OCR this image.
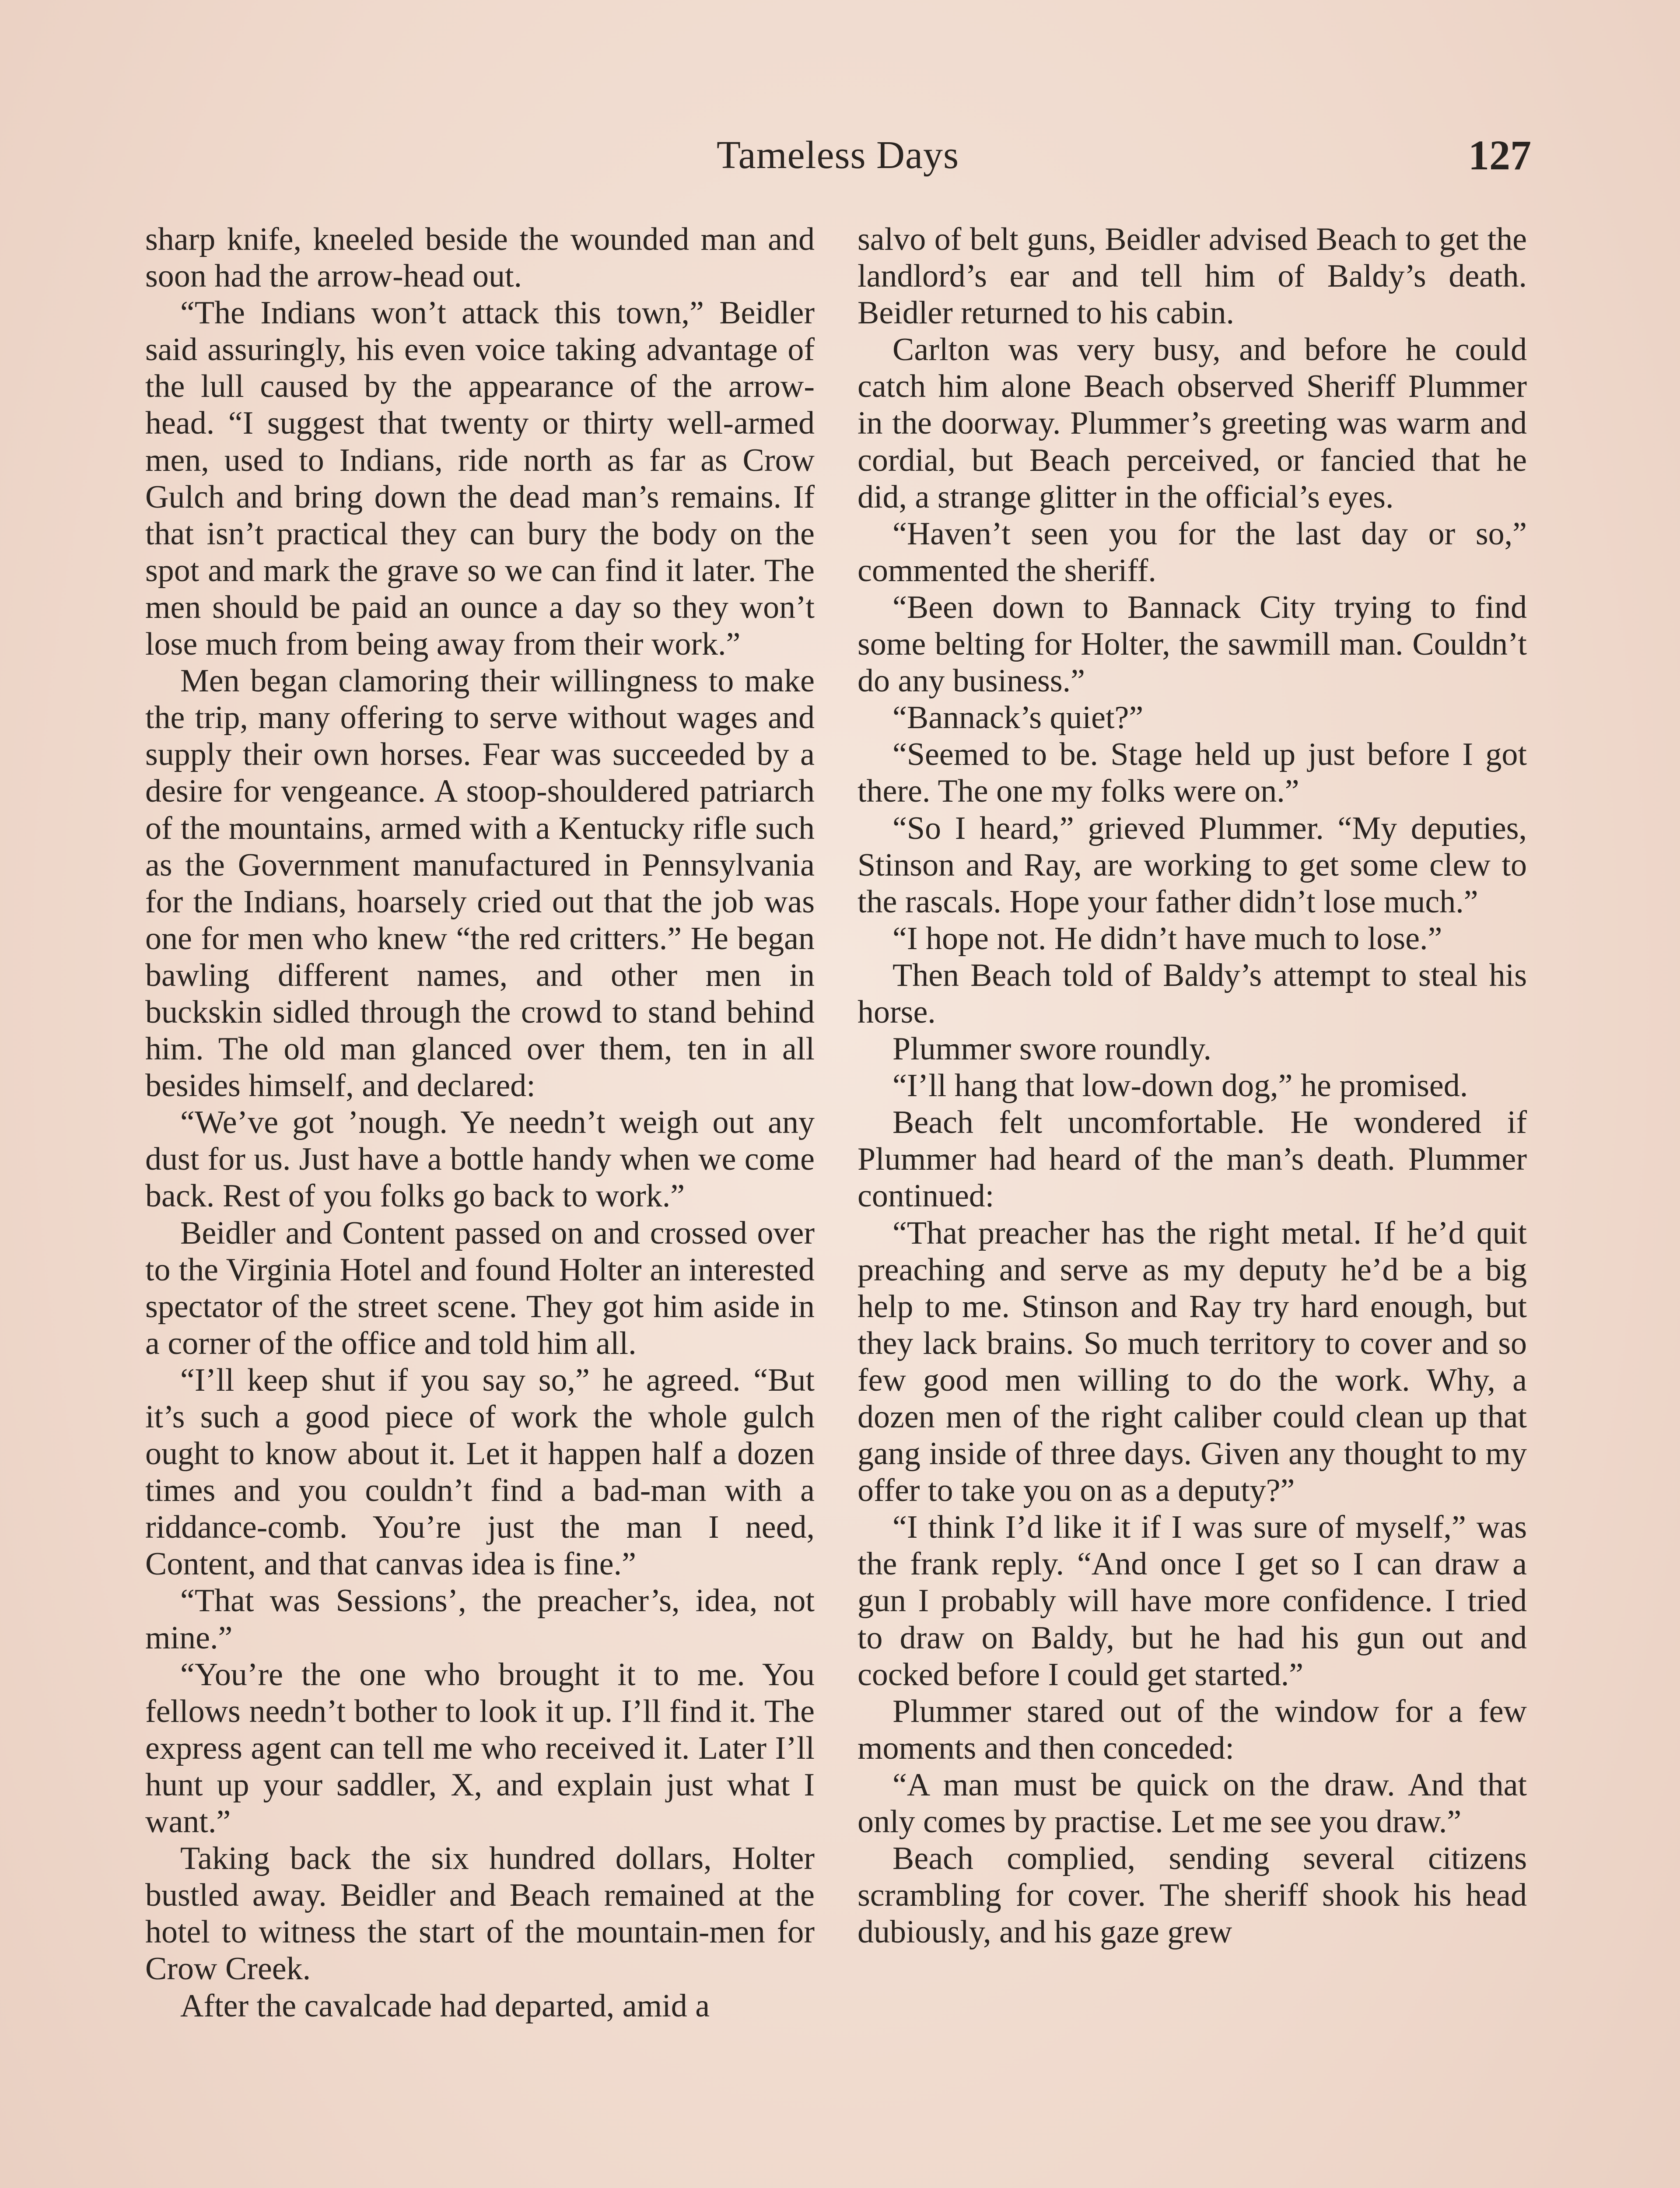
Tameless Days	127

sharp knife, kneeled beside the wounded man and soon had the arrow-head out.

“The Indians won’t attack this town,” Beidler said assuringly, his even voice taking advantage of the lull caused by the appearance of the arrow-head. “I suggest that twenty or thirty well-armed men, used to Indians, ride north as far as Crow Gulch and bring down the dead man’s remains. If that isn’t practical they can bury the body on the spot and mark the grave so we can find it later. The men should be paid an ounce a day so they won’t lose much from being away from their work.”

Men began clamoring their willingness to make the trip, many offering to serve without wages and supply their own horses. Fear was succeeded by a desire for vengeance. A stoop-shouldered patriarch of the mountains, armed with a Kentucky rifle such as the Government manufactured in Pennsylvania for the Indians, hoarsely cried out that the job was one for men who knew “the red critters.” He began bawling different names, and other men in buckskin sidled through the crowd to stand behind him. The old man glanced over them, ten in all besides himself, and declared:

“We’ve got ’nough. Ye needn’t weigh out any dust for us. Just have a bottle handy when we come back. Rest of you folks go back to work.”

Beidler and Content passed on and crossed over to the Virginia Hotel and found Holter an interested spectator of the street scene. They got him aside in a corner of the office and told him all.

“I’ll keep shut if you say so,” he agreed. “But it’s such a good piece of work the whole gulch ought to know about it. Let it happen half a dozen times and you couldn’t find a bad-man with a riddance-comb. You’re just the man I need, Content, and that canvas idea is fine.”

“That was Sessions’, the preacher’s, idea, not mine.”

“You’re the one who brought it to me. You fellows needn’t bother to look it up. I’ll find it. The express agent can tell me who received it. Later I’ll hunt up your saddler, X, and explain just what I want.”

Taking back the six hundred dollars, Holter bustled away. Beidler and Beach remained at the hotel to witness the start of the mountain-men for Crow Creek.

After the cavalcade had departed, amid a

salvo of belt guns, Beidler advised Beach to get the landlord’s ear and tell him of Baldy’s death. Beidler returned to his cabin.

Carlton was very busy, and before he could catch him alone Beach observed Sheriff Plummer in the doorway. Plummer’s greeting was warm and cordial, but Beach perceived, or fancied that he did, a strange glitter in the official’s eyes.

“Haven’t seen you for the last day or so,” commented the sheriff.

“Been down to Bannack City trying to find some belting for Holter, the sawmill man. Couldn’t do any business.”

“Bannack’s quiet?”

“Seemed to be. Stage held up just before I got there. The one my folks were on.”

“So I heard,” grieved Plummer. “My deputies, Stinson and Ray, are working to get some clew to the rascals. Hope your father didn’t lose much.”

“I hope not. He didn’t have much to lose.”

Then Beach told of Baldy’s attempt to steal his horse.

Plummer swore roundly.

“I’ll hang that low-down dog,” he promised.

Beach felt uncomfortable. He wondered if Plummer had heard of the man’s death. Plummer continued:

“That preacher has the right metal. If he’d quit preaching and serve as my deputy he’d be a big help to me. Stinson and Ray try hard enough, but they lack brains. So much territory to cover and so few good men willing to do the work. Why, a dozen men of the right caliber could clean up that gang inside of three days. Given any thought to my offer to take you on as a deputy?”

“I think I’d like it if I was sure of myself,” was the frank reply. “And once I get so I can draw a gun I probably will have more confidence. I tried to draw on Baldy, but he had his gun out and cocked before I could get started.”

Plummer stared out of the window for a few moments and then conceded:

“A man must be quick on the draw. And that only comes by practise. Let me see you draw.”

Beach complied, sending several citizens scrambling for cover. The sheriff shook his head dubiously, and his gaze grew
